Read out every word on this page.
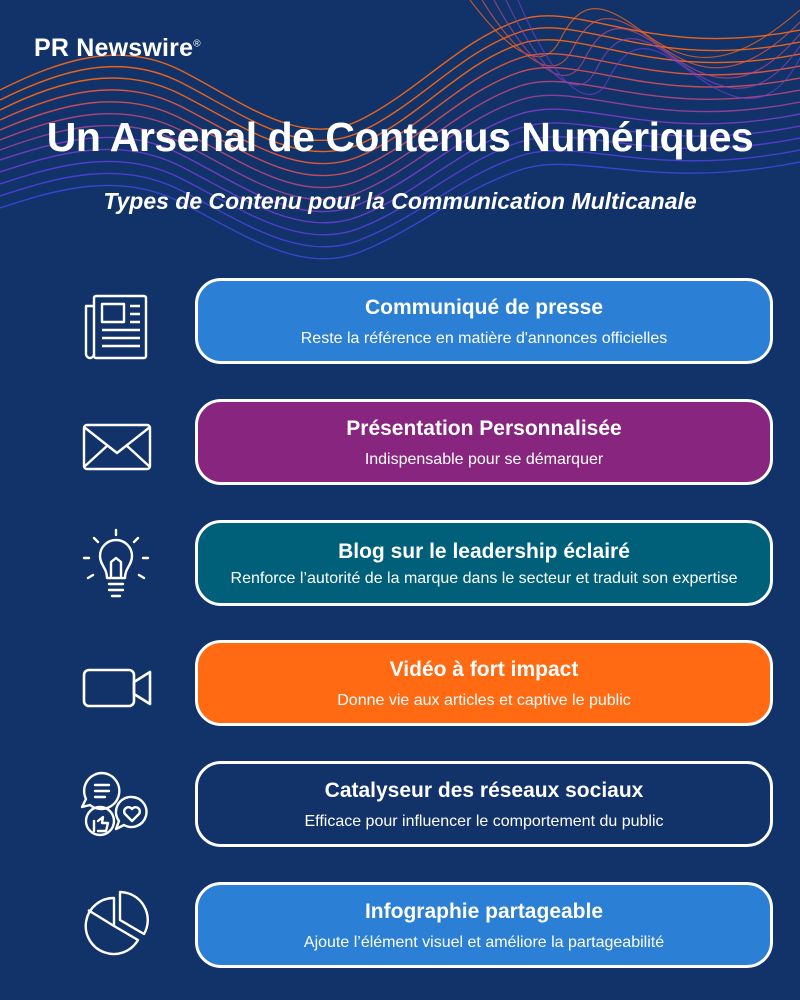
PR Newswire®
Un Arsenal de Contenus Numériques
Types de Contenu pour la Communication Multicanale
Communiqué de presse
Reste la référence en matière d'annonces officielles
Présentation Personnalisée
Indispensable pour se démarquer
Blog sur le leadership éclairé
Renforce l’autorité de la marque dans le secteur et traduit son expertise
Vidéo à fort impact
Donne vie aux articles et captive le public
Catalyseur des réseaux sociaux
Efficace pour influencer le comportement du public
Infographie partageable
Ajoute l’élément visuel et améliore la partageabilité
